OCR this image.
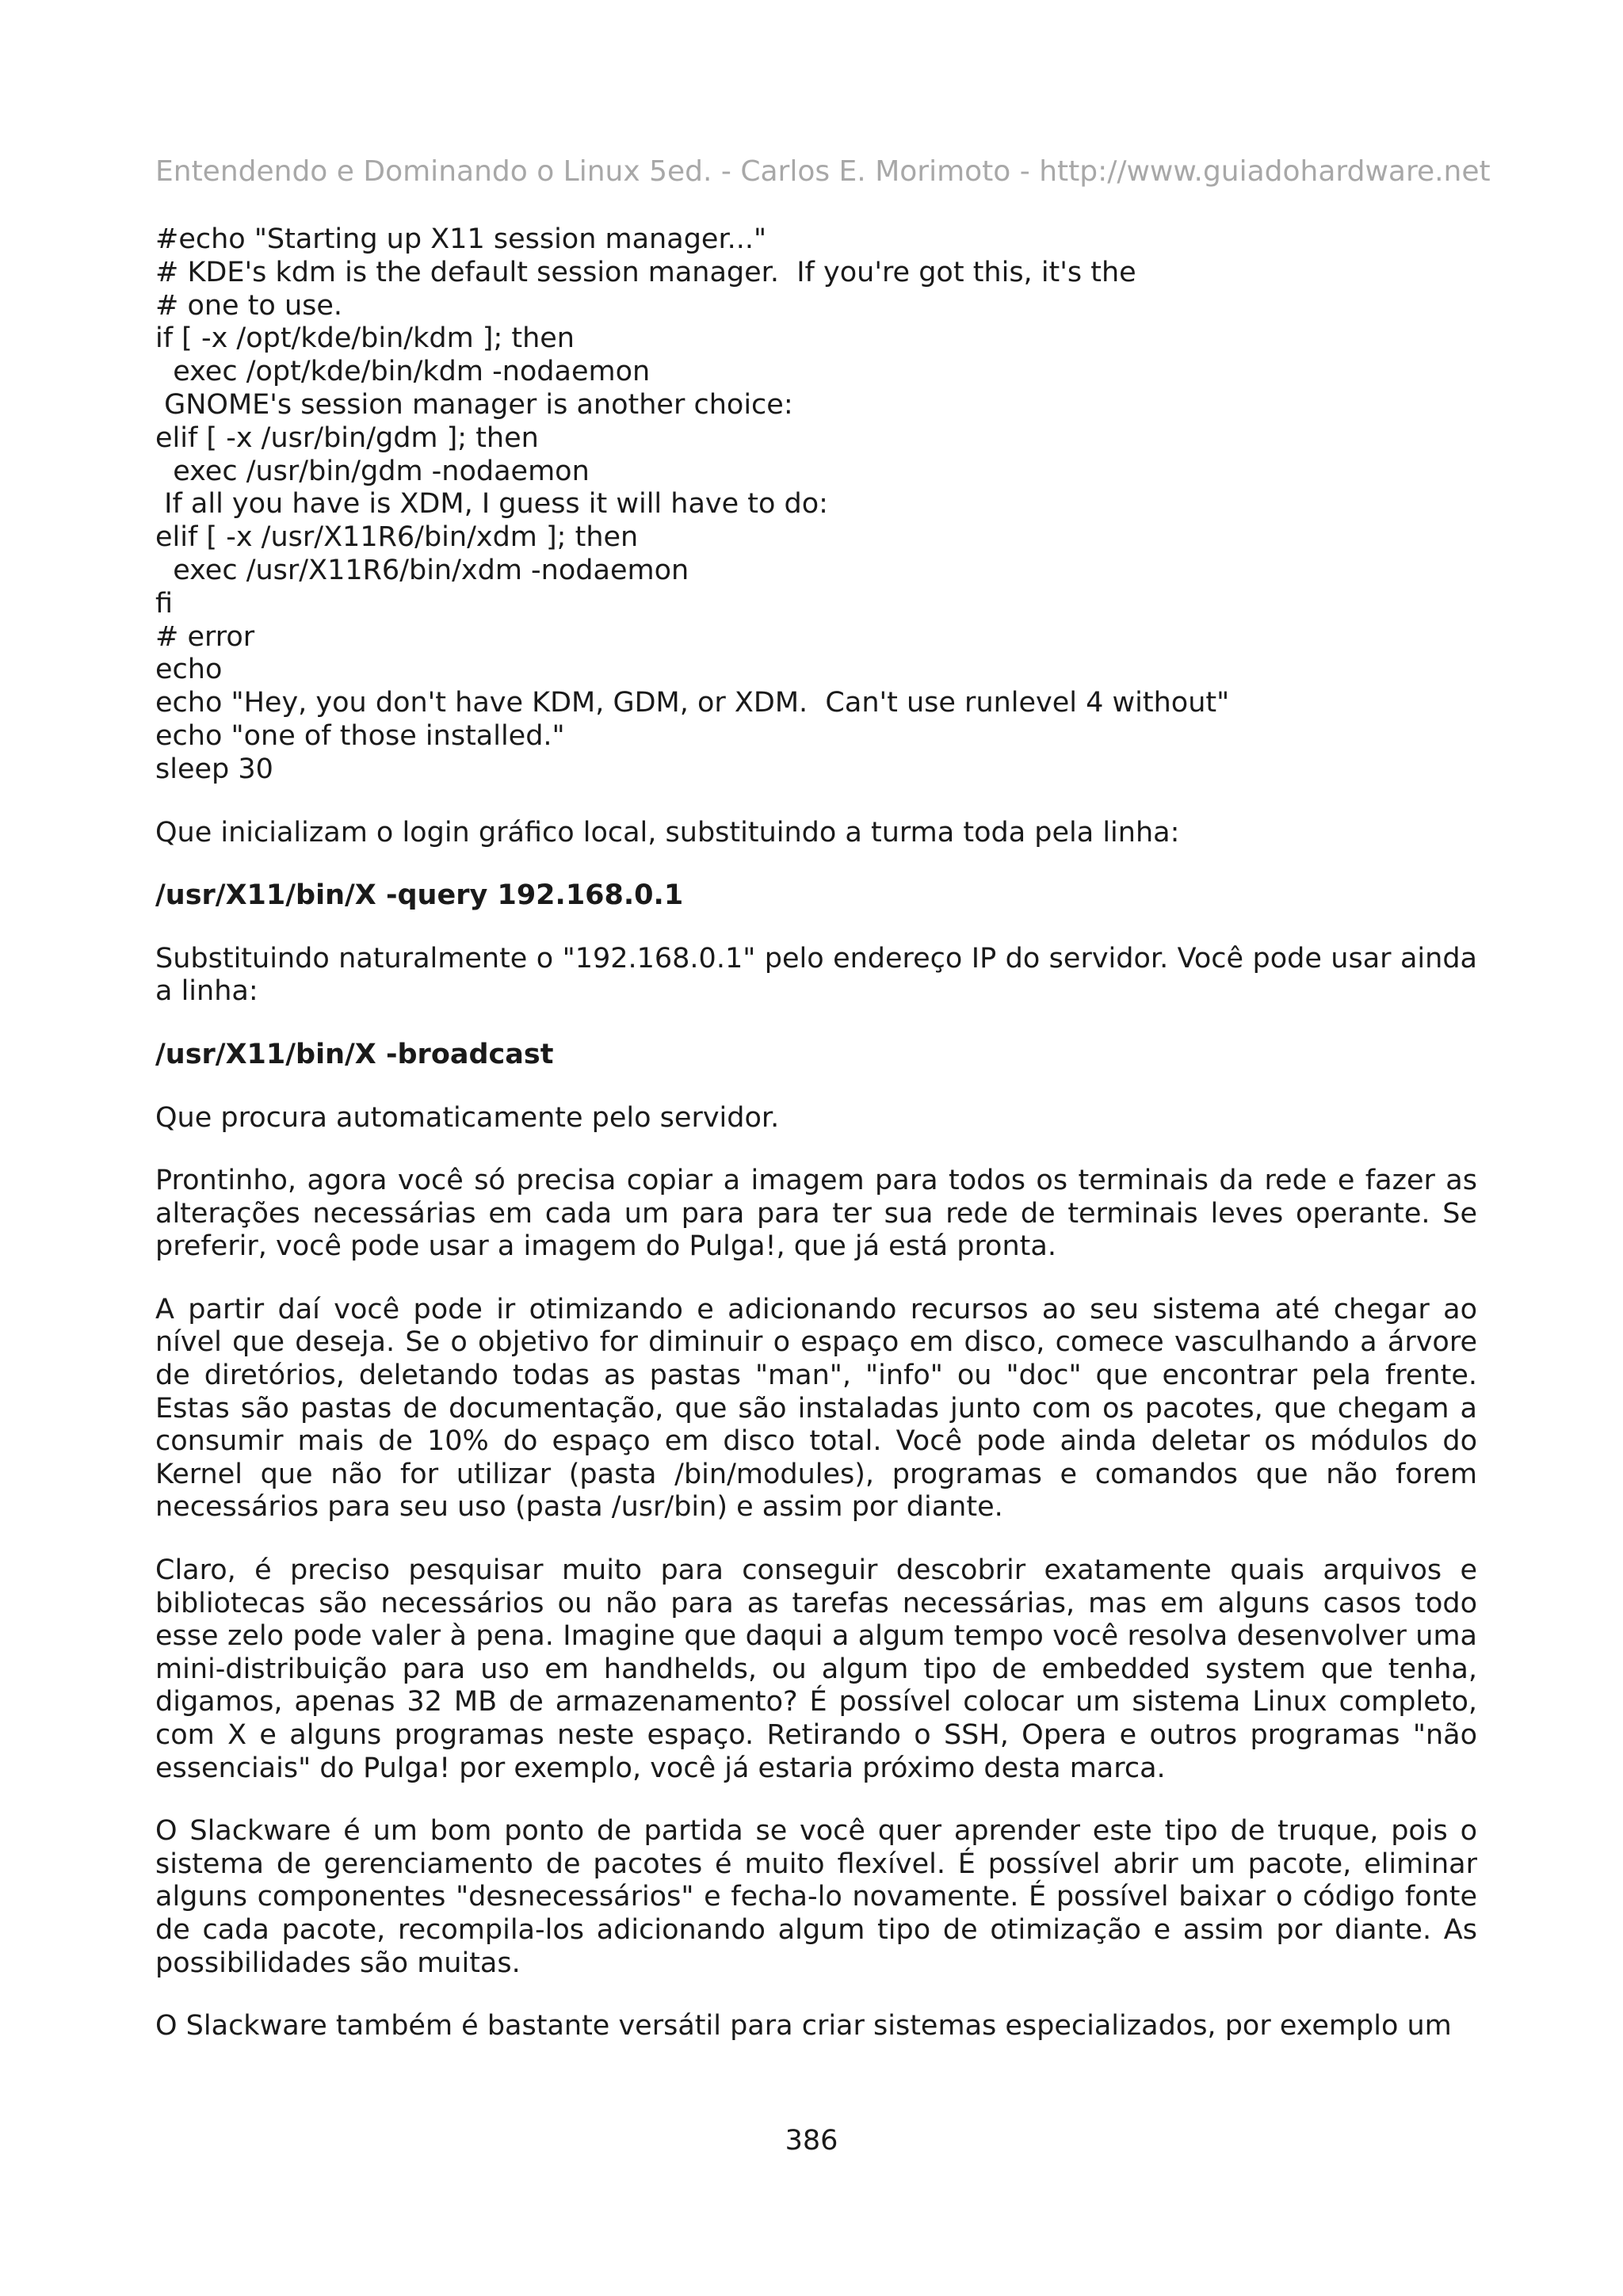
Entendendo e Dominando o Linux 5ed. - Carlos E. Morimoto - http://www.guiadohardware.net

#echo "Starting up X11 session manager..."

# KDE's kdm is the default session manager.  If you're got this, it's the

# one to use.

if [ -x /opt/kde/bin/kdm ]; then

exec /opt/kde/bin/kdm -nodaemon

GNOME's session manager is another choice:

elif [ -x /usr/bin/gdm ]; then

exec /usr/bin/gdm -nodaemon

If all you have is XDM, I guess it will have to do:

elif [ -x /usr/X11R6/bin/xdm ]; then

exec /usr/X11R6/bin/xdm -nodaemon

fi

# error

echo

echo "Hey, you don't have KDM, GDM, or XDM.  Can't use runlevel 4 without"

echo "one of those installed."

sleep 30

Que inicializam o login gráfico local, substituindo a turma toda pela linha:

/usr/X11/bin/X -query 192.168.0.1

Substituindo naturalmente o "192.168.0.1" pelo endereço IP do servidor. Você pode usar ainda a linha:

/usr/X11/bin/X -broadcast

Que procura automaticamente pelo servidor.

Prontinho, agora você só precisa copiar a imagem para todos os terminais da rede e fazer as alterações necessárias em cada um para para ter sua rede de terminais leves operante. Se preferir, você pode usar a imagem do Pulga!, que já está pronta.

A partir daí você pode ir otimizando e adicionando recursos ao seu sistema até chegar ao nível que deseja. Se o objetivo for diminuir o espaço em disco, comece vasculhando a árvore de diretórios, deletando todas as pastas "man", "info" ou "doc" que encontrar pela frente. Estas são pastas de documentação, que são instaladas junto com os pacotes, que chegam a consumir mais de 10% do espaço em disco total. Você pode ainda deletar os módulos do Kernel que não for utilizar (pasta /bin/modules), programas e comandos que não forem necessários para seu uso (pasta /usr/bin) e assim por diante.

Claro, é preciso pesquisar muito para conseguir descobrir exatamente quais arquivos e bibliotecas são necessários ou não para as tarefas necessárias, mas em alguns casos todo esse zelo pode valer à pena. Imagine que daqui a algum tempo você resolva desenvolver uma mini-distribuição para uso em handhelds, ou algum tipo de embedded system que tenha, digamos, apenas 32 MB de armazenamento? É possível colocar um sistema Linux completo, com X e alguns programas neste espaço. Retirando o SSH, Opera e outros programas "não essenciais" do Pulga! por exemplo, você já estaria próximo desta marca.

O Slackware é um bom ponto de partida se você quer aprender este tipo de truque, pois o sistema de gerenciamento de pacotes é muito flexível. É possível abrir um pacote, eliminar alguns componentes "desnecessários" e fecha-lo novamente. É possível baixar o código fonte de cada pacote, recompila-los adicionando algum tipo de otimização e assim por diante. As possibilidades são muitas.

O Slackware também é bastante versátil para criar sistemas especializados, por exemplo um

386
